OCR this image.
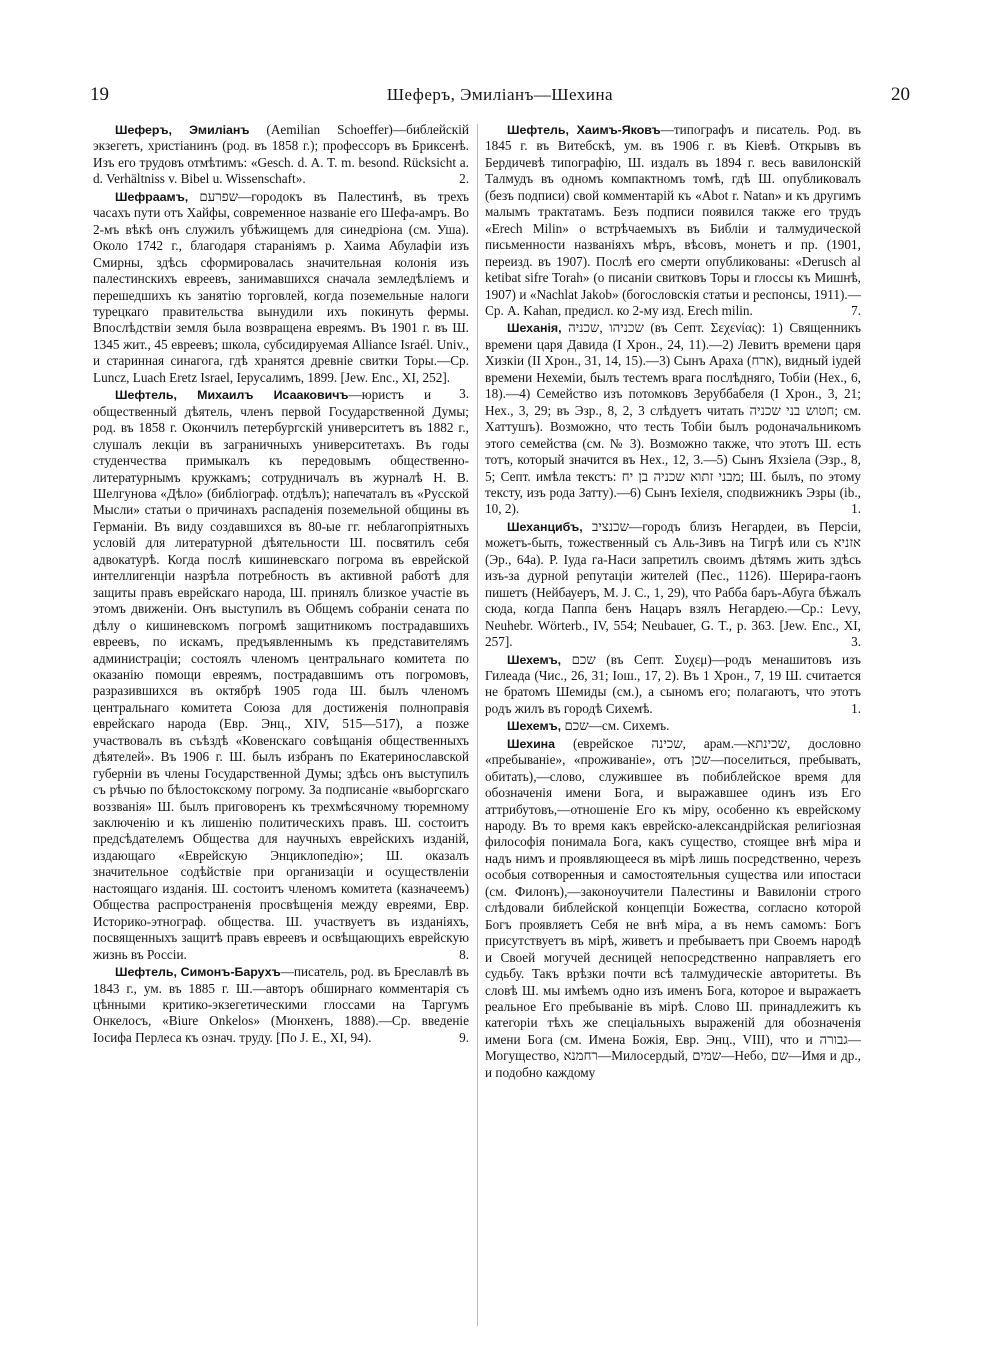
19	Шеферъ, Эмиліанъ—Шехина	20

Шеферъ, Эмиліанъ (Aemilian Schoeffer)—библейскій экзегетъ, христіанинъ (род. въ 1858 г.); профессоръ въ Бриксенѣ. Изъ его трудовъ отмѣтимъ: «Gesch. d. A. T. m. besond. Rücksicht a. d. Verhältniss v. Bibel u. Wissenschaft».	2.

Шефраамъ, שפרעם—городокъ въ Палестинѣ, въ трехъ часахъ пути отъ Хайфы, современное названіе его Шефа-амръ. Во 2-мъ вѣкѣ онъ служилъ убѣжищемъ для синедріона (см. Уша). Около 1742 г., благодаря стараніямъ р. Хаима Абулафіи изъ Смирны, здѣсь сформировалась значительная колонія изъ палестинскихъ евреевъ, занимавшихся сначала земледѣліемъ и перешедшихъ къ занятію торговлей, когда поземельные налоги турецкаго правительства вынудили ихъ покинуть фермы. Впослѣдствіи земля была возвращена евреямъ. Въ 1901 г. въ Ш. 1345 жит., 45 евреевъ; школа, субсидируемая Alliance Israél. Univ., и старинная синагога, гдѣ хранятся древніе свитки Торы.—Ср. Luncz, Luach Eretz Israel, Іерусалимъ, 1899. [Jew. Enc., XI, 252].
3.

Шефтель, Михаилъ Исааковичъ—юристъ и общественный дѣятель, членъ первой Государственной Думы; род. въ 1858 г. Окончилъ петербургскій университетъ въ 1882 г., слушалъ лекціи въ заграничныхъ университетахъ. Въ годы студенчества примыкалъ къ передовымъ общественно-литературнымъ кружкамъ; сотрудничалъ въ журналѣ Н. В. Шелгунова «Дѣло» (библіограф. отдѣлъ); напечаталъ въ «Русской Мысли» статьи о причинахъ распаденія поземельной общины въ Германіи. Въ виду создавшихся въ 80-ые гг. неблагопріятныхъ условій для литературной дѣятельности Ш. посвятилъ себя адвокатурѣ. Когда послѣ кишиневскаго погрома въ еврейской интеллигенціи назрѣла потребность въ активной работѣ для защиты правъ еврейскаго народа, Ш. принялъ близкое участіе въ этомъ движеніи. Онъ выступилъ въ Общемъ собраніи сената по дѣлу о кишиневскомъ погромѣ защитникомъ пострадавшихъ евреевъ, по искамъ, предъявленнымъ къ представителямъ администраціи; состоялъ членомъ центральнаго комитета по оказанію помощи евреямъ, пострадавшимъ отъ погромовъ, разразившихся въ октябрѣ 1905 года Ш. былъ членомъ центральнаго комитета Союза для достиженія полноправія еврейскаго народа (Евр. Энц., XIV, 515—517), а позже участвовалъ въ съѣздѣ «Ковенскаго совѣщанія общественныхъ дѣятелей». Въ 1906 г. Ш. былъ избранъ по Екатеринославской губерніи въ члены Государственной Думы; здѣсь онъ выступилъ съ рѣчью по бѣлостокскому погрому. За подписаніе «выборгскаго воззванія» Ш. былъ приговоренъ къ трехмѣсячному тюремному заключенію и къ лишенію политическихъ правъ. Ш. состоитъ предсѣдателемъ Общества для научныхъ еврейскихъ изданій, издающаго «Еврейскую Энциклопедію»; Ш. оказалъ значительное содѣйствіе при организаціи и осуществленіи настоящаго изданія. Ш. состоитъ членомъ комитета (казначеемъ) Общества распространенія просвѣщенія между евреями, Евр. Историко-этнограф. общества. Ш. участвуетъ въ изданіяхъ, посвященныхъ защитѣ правъ евреевъ и освѣщающихъ еврейскую жизнь въ Россіи.	8.

Шефтель, Симонъ-Барухъ—писатель, род. въ Бреславлѣ въ 1843 г., ум. въ 1885 г. Ш.—авторъ обширнаго комментарія съ цѣнными критико-экзегетическими глоссами на Таргумъ Онкелосъ, «Biure Onkelos» (Мюнхенъ, 1888).—Ср. введеніе Іосифа Перлеса къ означ. труду. [По J. E., XI, 94).	9.

Шефтель, Хаимъ-Яковъ—типографъ и писатель. Род. въ 1845 г. въ Витебскѣ, ум. въ 1906 г. въ Кіевѣ. Открывъ въ Бердичевѣ типографію, Ш. издалъ въ 1894 г. весь вавилонскій Талмудъ въ одномъ компактномъ томѣ, гдѣ Ш. опубликовалъ (безъ подписи) свой комментарій къ «Abot r. Natan» и къ другимъ малымъ трактатамъ. Безъ подписи появился также его трудъ «Erech Milin» о встрѣчаемыхъ въ Библіи и талмудической письменности названіяхъ мѣръ, вѣсовъ, монетъ и пр. (1901, переизд. въ 1907). Послѣ его смерти опубликованы: «Derusch al ketibat sifre Torah» (о писаніи свитковъ Торы и глоссы къ Мишнѣ, 1907) и «Nachlat Jakob» (богословскія статьи и респонсы, 1911).—Ср. A. Kahan, предисл. ко 2-му изд. Erech milin.	7.

Шеханія, שכניהו ,שכניה (въ Септ. Σεχενίας): 1) Священникъ времени царя Давида (I Хрон., 24, 11).—2) Левитъ времени царя Хизкіи (II Хрон., 31, 14, 15).—3) Сынъ Араха (ארח), видный іудей времени Нехеміи, былъ тестемъ врага послѣдняго, Тобіи (Нех., 6, 18).—4) Семейство изъ потомковъ Зеруббабеля (I Хрон., 3, 21; Нех., 3, 29; въ Эзр., 8, 2, 3 слѣдуетъ читать חטוש בני שכניה; см. Хаттушъ). Возможно, что тесть Тобіи былъ родоначальникомъ этого семейства (см. № 3). Возможно также, что этотъ Ш. есть тотъ, который значится въ Нех., 12, 3.—5) Сынъ Яхзіела (Эзр., 8, 5; Септ. имѣла текстъ: מבני זתוא שכניה בן יח; Ш. былъ, по этому тексту, изъ рода Затту).—6) Сынъ Іехіеля, сподвижникъ Эзры (ib., 10, 2).	1.

Шеханцибъ, שכנציב—городъ близъ Негардеи, въ Персіи, можетъ-быть, тожественный съ Аль-Зивъ на Тигрѣ или съ אזניא (Эр., 64а). Р. Іуда га-Наси запретилъ своимъ дѣтямъ жить здѣсь изъ-за дурной репутаціи жителей (Пес., 1126). Шерира-гаонъ пишетъ (Нейбауеръ, M. J. C., 1, 29), что Рабба баръ-Абуга бѣжалъ сюда, когда Паппа бенъ Нацаръ взялъ Негардею.—Ср.: Levy, Neuhebr. Wörterb., IV, 554; Neubauer, G. T., p. 363. [Jew. Enc., XI, 257].	3.

Шехемъ, שכם (въ Септ. Συχεμ)—родъ менашитовъ изъ Гилеада (Чис., 26, 31; Іош., 17, 2). Въ 1 Хрон., 7, 19 Ш. считается не братомъ Шемиды (см.), а сыномъ его; полагаютъ, что этотъ родъ жилъ въ городѣ Сихемѣ.	1.

Шехемъ, שכם—см. Сихемъ.

Шехина (еврейское שכינה, арам.—שכינתא, дословно «пребываніе», «проживаніе», отъ שכן—поселиться, пребывать, обитать),—слово, служившее въ побиблейское время для обозначенія имени Бога, и выражавшее одинъ изъ Его аттрибутовъ,—отношеніе Его къ міру, особенно къ еврейскому народу. Въ то время какъ еврейско-александрійская религіозная философія понимала Бога, какъ существо, стоящее внѣ міра и надъ нимъ и проявляющееся въ мірѣ лишь посредственно, черезъ особыя сотворенныя и самостоятельныя существа или ипостаси (см. Филонъ),—законоучители Палестины и Вавилоніи строго слѣдовали библейской концепціи Божества, согласно которой Богъ проявляетъ Себя не внѣ міра, а въ немъ самомъ: Богъ присутствуетъ въ мірѣ, живетъ и пребываетъ при Своемъ народѣ и Своей могучей десницей непосредственно направляетъ его судьбу. Такъ врѣзки почти всѣ талмудическіе авторитеты. Въ словѣ Ш. мы имѣемъ одно изъ именъ Бога, которое и выражаетъ реальное Его пребываніе въ мірѣ. Слово Ш. принадлежитъ къ категоріи тѣхъ же спеціальныхъ выраженій для обозначенія имени Бога (см. Имена Божія, Евр. Энц., VIII), что и גבורה—Могущество, רחמנא—Милосердый, שמים—Небо, שם—Имя и др., и подобно каждому
